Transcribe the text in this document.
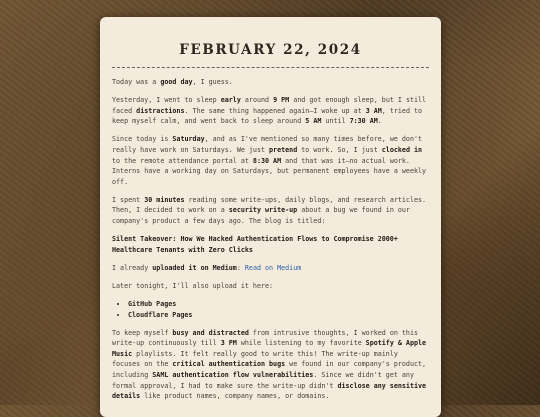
FEBRUARY 22, 2024

Today was a good day, I guess.

Yesterday, I went to sleep early around 9 PM and got enough sleep, but I still faced distractions. The same thing happened again—I woke up at 3 AM, tried to keep myself calm, and went back to sleep around 5 AM until 7:30 AM.

Since today is Saturday, and as I've mentioned so many times before, we don't really have work on Saturdays. We just pretend to work. So, I just clocked in to the remote attendance portal at 8:30 AM and that was it—no actual work. Interns have a working day on Saturdays, but permanent employees have a weekly off.

I spent 30 minutes reading some write-ups, daily blogs, and research articles. Then, I decided to work on a security write-up about a bug we found in our company's product a few days ago. The blog is titled:

Silent Takeover: How We Hacked Authentication Flows to Compromise 2000+ Healthcare Tenants with Zero Clicks

I already uploaded it on Medium: Read on Medium

Later tonight, I'll also upload it here:

• GitHub Pages
• Cloudflare Pages

To keep myself busy and distracted from intrusive thoughts, I worked on this write-up continuously till 3 PM while listening to my favorite Spotify & Apple Music playlists. It felt really good to write this! The write-up mainly focuses on the critical authentication bugs we found in our company's product, including SAML authentication flow vulnerabilities. Since we didn't get any formal approval, I had to make sure the write-up didn't disclose any sensitive details like product names, company names, or domains.
